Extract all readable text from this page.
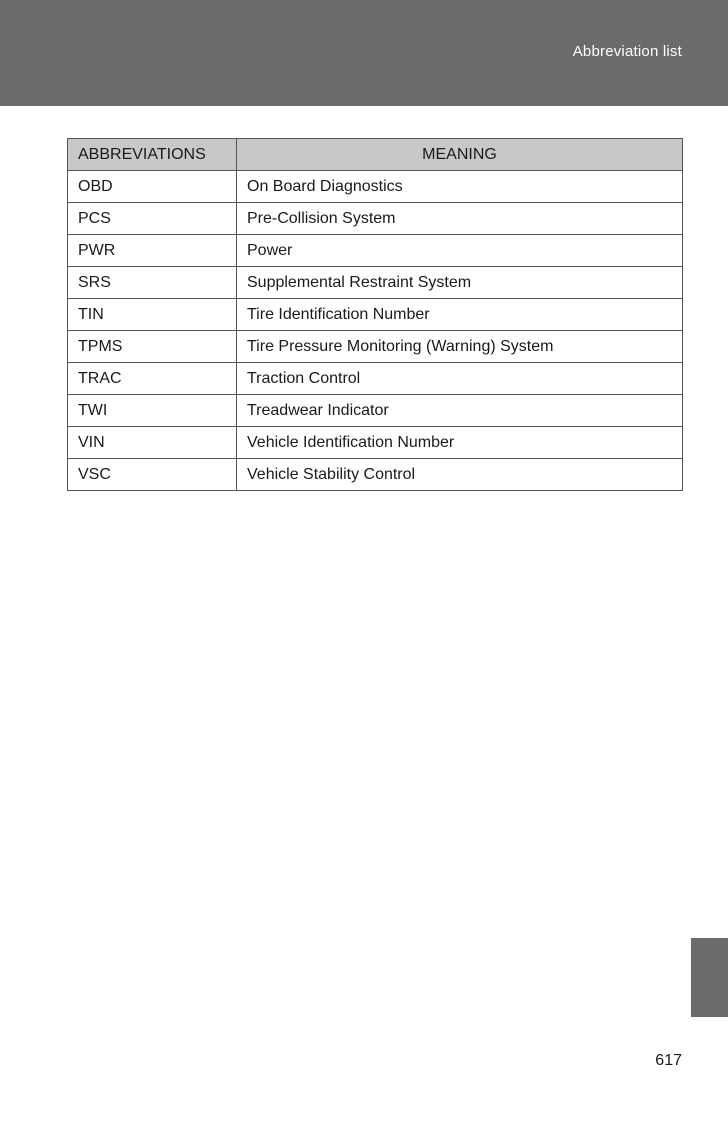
Abbreviation list
ABBREVIATIONS	MEANING
OBD	On Board Diagnostics
PCS	Pre-Collision System
PWR	Power
SRS	Supplemental Restraint System
TIN	Tire Identification Number
TPMS	Tire Pressure Monitoring (Warning) System
TRAC	Traction Control
TWI	Treadwear Indicator
VIN	Vehicle Identification Number
VSC	Vehicle Stability Control
617
